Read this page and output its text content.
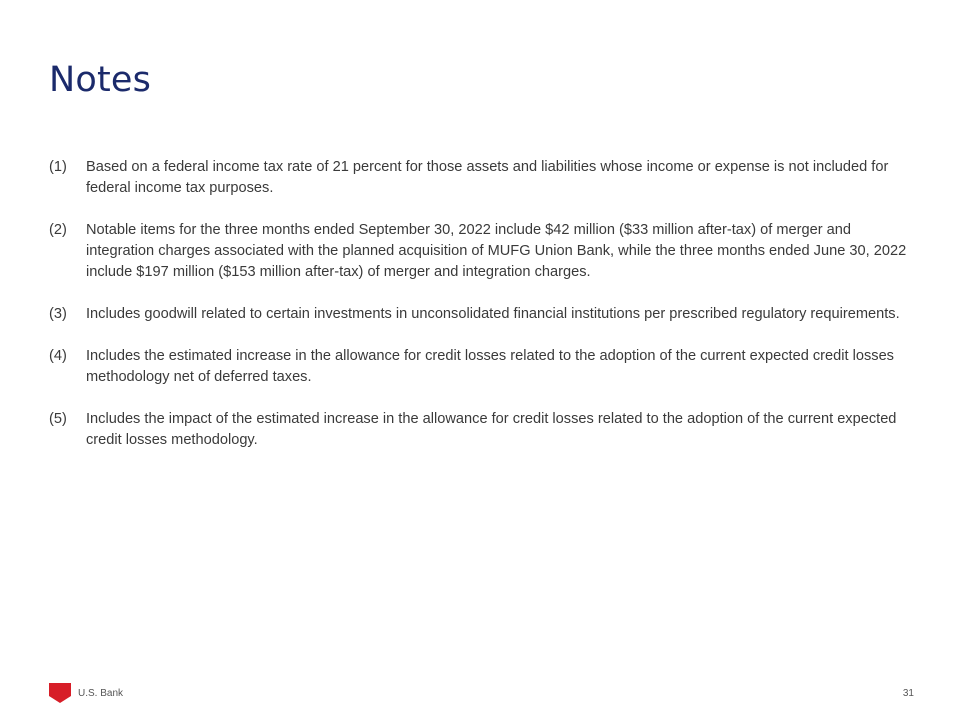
Notes
(1) Based on a federal income tax rate of 21 percent for those assets and liabilities whose income or expense is not included for federal income tax purposes.
(2) Notable items for the three months ended September 30, 2022 include $42 million ($33 million after-tax) of merger and integration charges associated with the planned acquisition of MUFG Union Bank, while the three months ended June 30, 2022 include $197 million ($153 million after-tax) of merger and integration charges.
(3) Includes goodwill related to certain investments in unconsolidated financial institutions per prescribed regulatory requirements.
(4) Includes the estimated increase in the allowance for credit losses related to the adoption of the current expected credit losses methodology net of deferred taxes.
(5) Includes the impact of the estimated increase in the allowance for credit losses related to the adoption of the current expected credit losses methodology.
U.S. Bank	31
